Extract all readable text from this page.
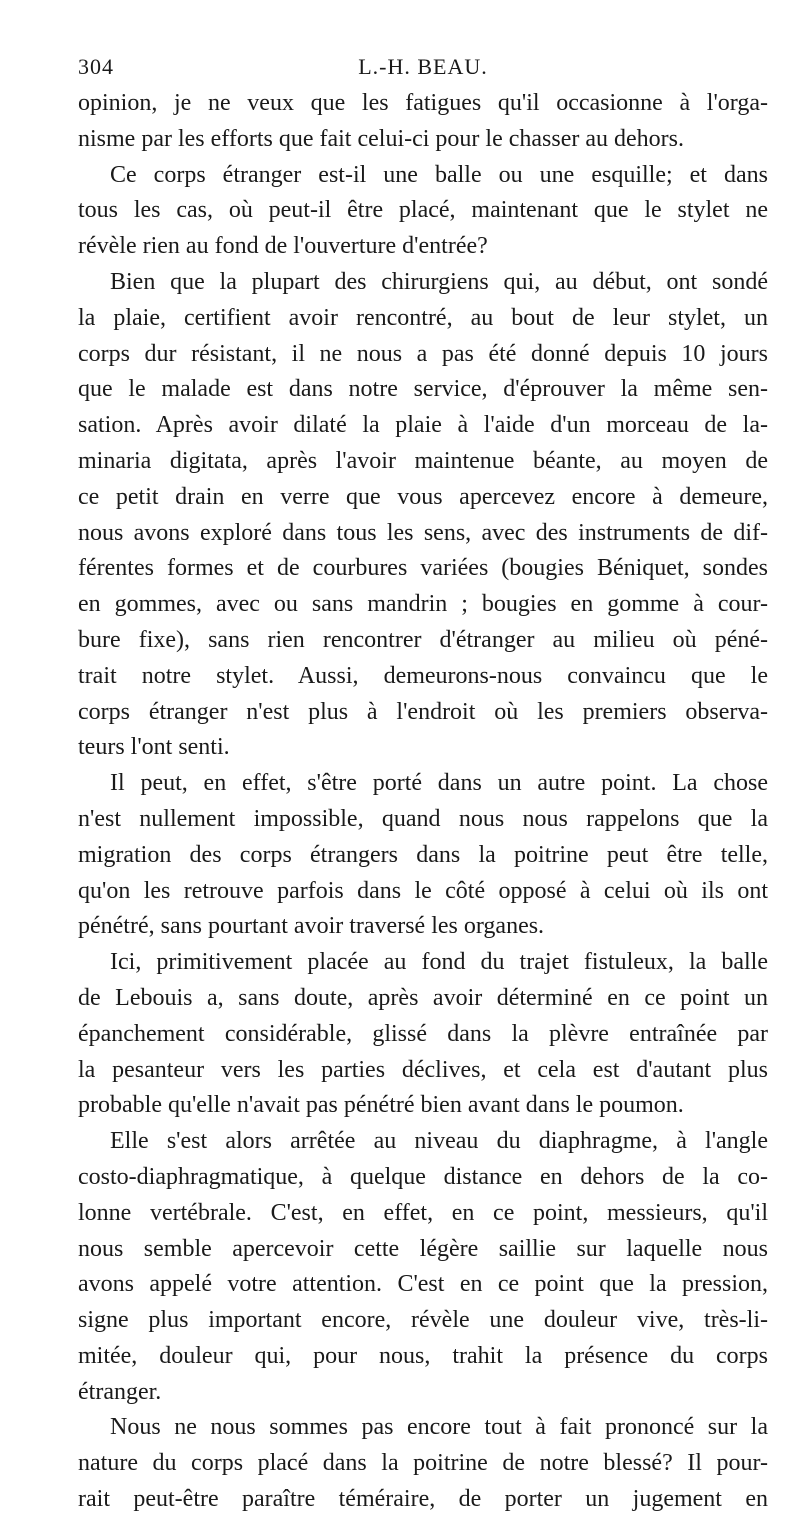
304	L.-H. BEAU.
opinion, je ne veux que les fatigues qu'il occasionne à l'orga-
nisme par les efforts que fait celui-ci pour le chasser au dehors.
Ce corps étranger est-il une balle ou une esquille; et dans
tous les cas, où peut-il être placé, maintenant que le stylet ne
révèle rien au fond de l'ouverture d'entrée?
Bien que la plupart des chirurgiens qui, au début, ont sondé
la plaie, certifient avoir rencontré, au bout de leur stylet, un
corps dur résistant, il ne nous a pas été donné depuis 10 jours
que le malade est dans notre service, d'éprouver la même sen-
sation. Après avoir dilaté la plaie à l'aide d'un morceau de la-
minaria digitata, après l'avoir maintenue béante, au moyen de
ce petit drain en verre que vous apercevez encore à demeure,
nous avons exploré dans tous les sens, avec des instruments de dif-
férentes formes et de courbures variées (bougies Béniquet, sondes
en gommes, avec ou sans mandrin ; bougies en gomme à cour-
bure fixe), sans rien rencontrer d'étranger au milieu où péné-
trait notre stylet. Aussi, demeurons-nous convaincu que le
corps étranger n'est plus à l'endroit où les premiers observa-
teurs l'ont senti.
Il peut, en effet, s'être porté dans un autre point. La chose
n'est nullement impossible, quand nous nous rappelons que la
migration des corps étrangers dans la poitrine peut être telle,
qu'on les retrouve parfois dans le côté opposé à celui où ils ont
pénétré, sans pourtant avoir traversé les organes.
Ici, primitivement placée au fond du trajet fistuleux, la balle
de Lebouis a, sans doute, après avoir déterminé en ce point un
épanchement considérable, glissé dans la plèvre entraînée par
la pesanteur vers les parties déclives, et cela est d'autant plus
probable qu'elle n'avait pas pénétré bien avant dans le poumon.
Elle s'est alors arrêtée au niveau du diaphragme, à l'angle
costo-diaphragmatique, à quelque distance en dehors de la co-
lonne vertébrale. C'est, en effet, en ce point, messieurs, qu'il
nous semble apercevoir cette légère saillie sur laquelle nous
avons appelé votre attention. C'est en ce point que la pression,
signe plus important encore, révèle une douleur vive, très-li-
mitée, douleur qui, pour nous, trahit la présence du corps
étranger.
Nous ne nous sommes pas encore tout à fait prononcé sur la
nature du corps placé dans la poitrine de notre blessé? Il pour-
rait peut-être paraître téméraire, de porter un jugement en
